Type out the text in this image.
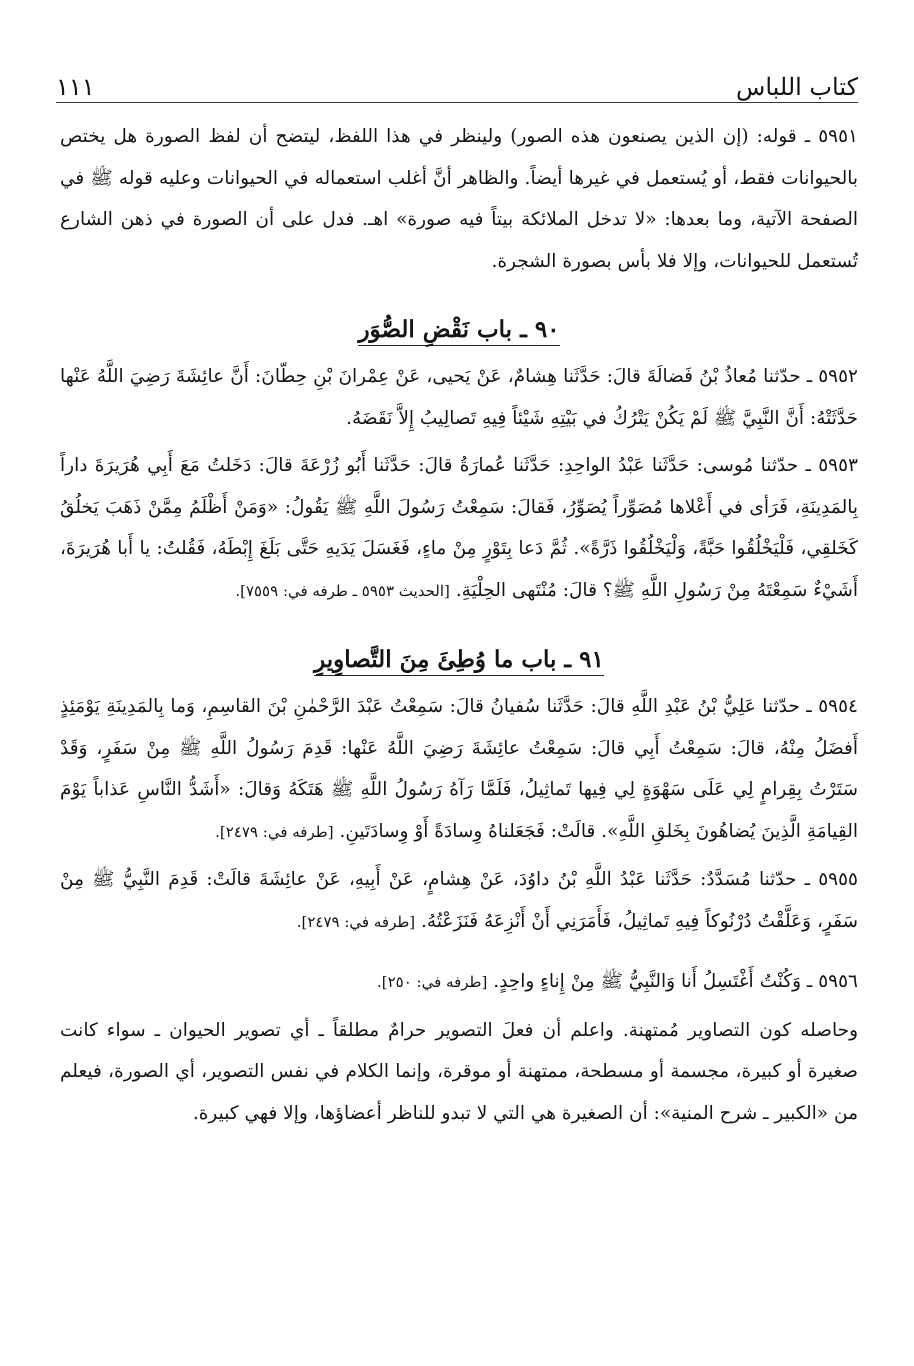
كتاب اللباس
١١١

٥٩٥١ ـ قوله: (إن الذين يصنعون هذه الصور) ولينظر في هذا اللفظ، ليتضح أن لفظ الصورة هل يختص بالحيوانات فقط، أو يُستعمل في غيرها أيضاً. والظاهر أنَّ أغلب استعماله في الحيوانات وعليه قوله ﷺ في الصفحة الآتية، وما بعدها: «لا تدخل الملائكة بيتاً فيه صورة» اهـ. فدل على أن الصورة في ذهن الشارع تُستعمل للحيوانات، وإلا فلا بأس بصورة الشجرة.

٩٠ ـ باب نَقْضِ الصُّوَر

٥٩٥٢ ـ حدّثنا مُعاذُ بْنُ فَضالَةَ قالَ: حَدَّثَنا هِشامٌ، عَنْ يَحيى، عَنْ عِمْرانَ بْنِ حِطّانَ: أَنَّ عائِشَةَ رَضِيَ اللَّهُ عَنْها حَدَّثَتْهُ: أَنَّ النَّبِيَّ ﷺ لَمْ يَكُنْ يَتْرُكُ في بَيْتِهِ شَيْئاً فِيهِ تَصالِيبُ إِلاَّ نَقَضَهُ.

٥٩٥٣ ـ حدّثنا مُوسى: حَدَّثَنا عَبْدُ الواحِدِ: حَدَّثَنا عُمارَةُ قالَ: حَدَّثَنا أَبُو زُرْعَةَ قالَ: دَخَلتُ مَعَ أَبِي هُرَيرَةَ داراً بِالمَدِينَةِ، فَرَأى في أَعْلاها مُصَوِّراً يُصَوِّرُ، فَقالَ: سَمِعْتُ رَسُولَ اللَّهِ ﷺ يَقُولُ: «وَمَنْ أَظْلَمُ مِمَّنْ ذَهَبَ يَخلُقُ كَخَلقِي، فَلْيَخْلُقُوا حَبَّةً، وَلْيَخْلُقُوا ذَرَّةً». ثُمَّ دَعا بِتَوْرٍ مِنْ ماءٍ، فَغَسَلَ يَدَيهِ حَتَّى بَلَغَ إِبْطَهُ، فَقُلتُ: يا أَبا هُرَيرَةَ، أَشَيْءٌ سَمِعْتَهُ مِنْ رَسُولِ اللَّهِ ﷺ؟ قالَ: مُنْتَهى الحِلْيَةِ. [الحديث ٥٩٥٣ ـ طرفه في: ٧٥٥٩].

٩١ ـ باب ما وُطِئَ مِنَ التَّصاوِيرِ

٥٩٥٤ ـ حدّثنا عَلِيُّ بْنُ عَبْدِ اللَّهِ قالَ: حَدَّثَنا سُفيانُ قالَ: سَمِعْتُ عَبْدَ الرَّحْمٰنِ بْنَ القاسِمِ، وَما بِالمَدِينَةِ يَوْمَئِذٍ أَفضَلُ مِنْهُ، قالَ: سَمِعْتُ أَبِي قالَ: سَمِعْتُ عائِشَةَ رَضِيَ اللَّهُ عَنْها: قَدِمَ رَسُولُ اللَّهِ ﷺ مِنْ سَفَرٍ، وَقَدْ سَتَرْتُ بِقِرامٍ لِي عَلَى سَهْوَةٍ لِي فِيها تَماثِيلُ، فَلَمَّا رَآهُ رَسُولُ اللَّهِ ﷺ هَتَكَهُ وَقالَ: «أَشَدُّ النَّاسِ عَذاباً يَوْمَ القِيامَةِ الَّذِينَ يُضاهُونَ بِخَلقِ اللَّهِ». قالَتْ: فَجَعَلناهُ وِسادَةً أَوْ وِسادَتَينِ. [طرفه في: ٢٤٧٩].

٥٩٥٥ ـ حدّثنا مُسَدَّدٌ: حَدَّثَنا عَبْدُ اللَّهِ بْنُ داوُدَ، عَنْ هِشامٍ، عَنْ أَبِيهِ، عَنْ عائِشَةَ قالَتْ: قَدِمَ النَّبِيُّ ﷺ مِنْ سَفَرٍ، وَعَلَّقْتُ دُرْنُوكاً فِيهِ تَماثِيلُ، فَأَمَرَنِي أَنْ أَنْزِعَهُ فَنَزَعْتُهُ. [طرفه في: ٢٤٧٩].

٥٩٥٦ ـ وَكُنْتُ أَغْتَسِلُ أَنا وَالنَّبِيُّ ﷺ مِنْ إِناءٍ واحِدٍ. [طرفه في: ٢٥٠].

وحاصله كون التصاوير مُمتهنة. واعلم أن فعلَ التصوير حرامٌ مطلقاً ـ أي تصوير الحيوان ـ سواء كانت صغيرة أو كبيرة، مجسمة أو مسطحة، ممتهنة أو موقرة، وإنما الكلام في نفس التصوير، أي الصورة، فيعلم من «الكبير ـ شرح المنية»: أن الصغيرة هي التي لا تبدو للناظر أعضاؤها، وإلا فهي كبيرة.
